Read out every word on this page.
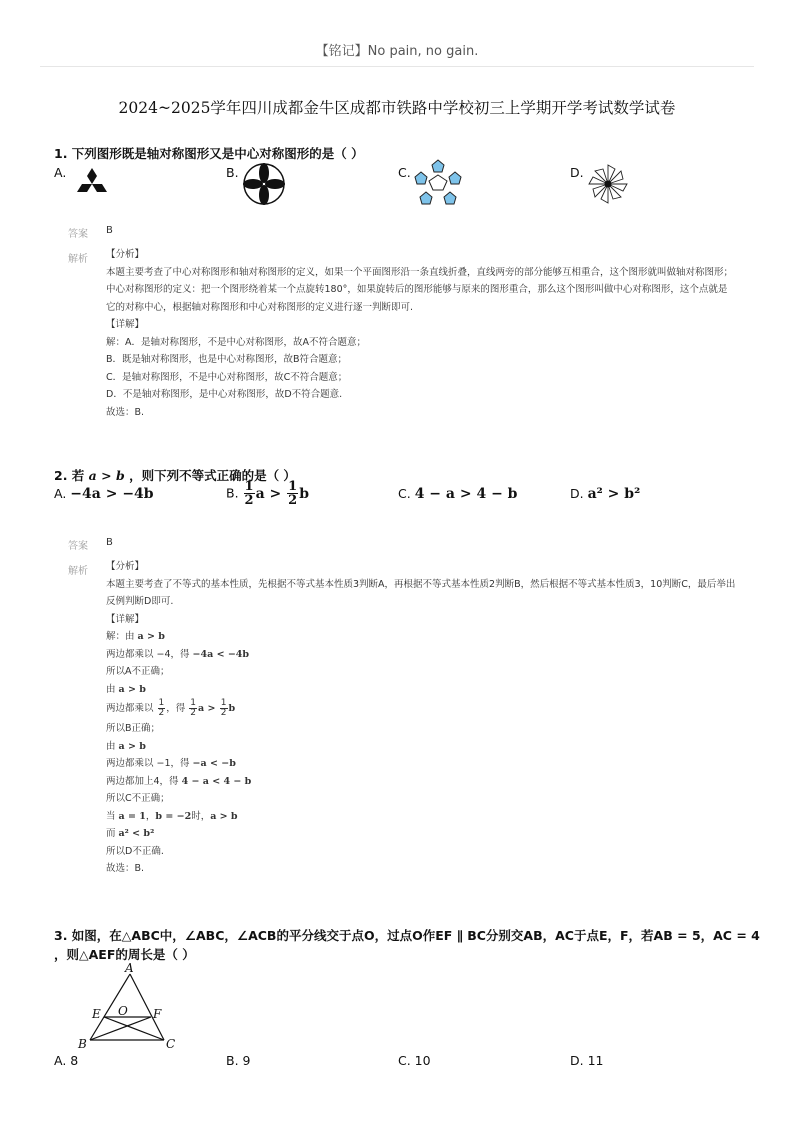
【铭记】No pain, no gain.
2024~2025学年四川成都金牛区成都市铁路中学校初三上学期开学考试数学试卷
1. 下列图形既是轴对称图形又是中心对称图形的是（ ）
A.	B.	C.	D.
答案 B
解析 【分析】
本题主要考查了中心对称图形和轴对称图形的定义，如果一个平面图形沿一条直线折叠，直线两旁的部分能够互相重合，这个图形就叫做轴对称图形；中心对称图形的定义：把一个图形绕着某一个点旋转180°，如果旋转后的图形能够与原来的图形重合，那么这个图形叫做中心对称图形，这个点就是它的对称中心，根据轴对称图形和中心对称图形的定义进行逐一判断即可.
【详解】
解：A．是轴对称图形，不是中心对称图形，故A不符合题意；
B．既是轴对称图形，也是中心对称图形，故B符合题意；
C．是轴对称图形，不是中心对称图形，故C不符合题意；
D．不是轴对称图形，是中心对称图形，故D不符合题意.
故选：B.
2. 若 a > b ，则下列不等式正确的是（ ）
A. −4a > −4b	B. $\frac{1}{2}$ $a > \frac{1}{2}$ b	C. 4 − a > 4 − b	D. a² > b²
答案 B
解析 【分析】
本题主要考查了不等式的基本性质，先根据不等式基本性质3判断A，再根据不等式基本性质2判断B，然后根据不等式基本性质3，10判断C，最后举出反例判断D即可.
【详解】
解：由 a > b
两边都乘以 −4，得 −4a < −4b
所以A不正确；
由 a > b
两边都乘以 $\frac{1}{2}$ ，得 $\frac{1}{2}$ $a > \frac{1}{2}$ b
所以B正确；
由 a > b
两边都乘以 −1，得 −a < −b
两边都加上4，得 4 − a < 4 − b
所以C不正确；
当 a = 1，b = −2时，a > b
而 a² < b²
所以D不正确.
故选：B.
3. 如图，在△ABC中，∠ABC，∠ACB的平分线交于点O，过点O作EF ∥ BC分别交AB，AC于点E，F，若AB = 5，AC = 4
，则△AEF的周长是（ ）
A
B	C
E	F
O
A. 8	B. 9	C. 10	D. 11
